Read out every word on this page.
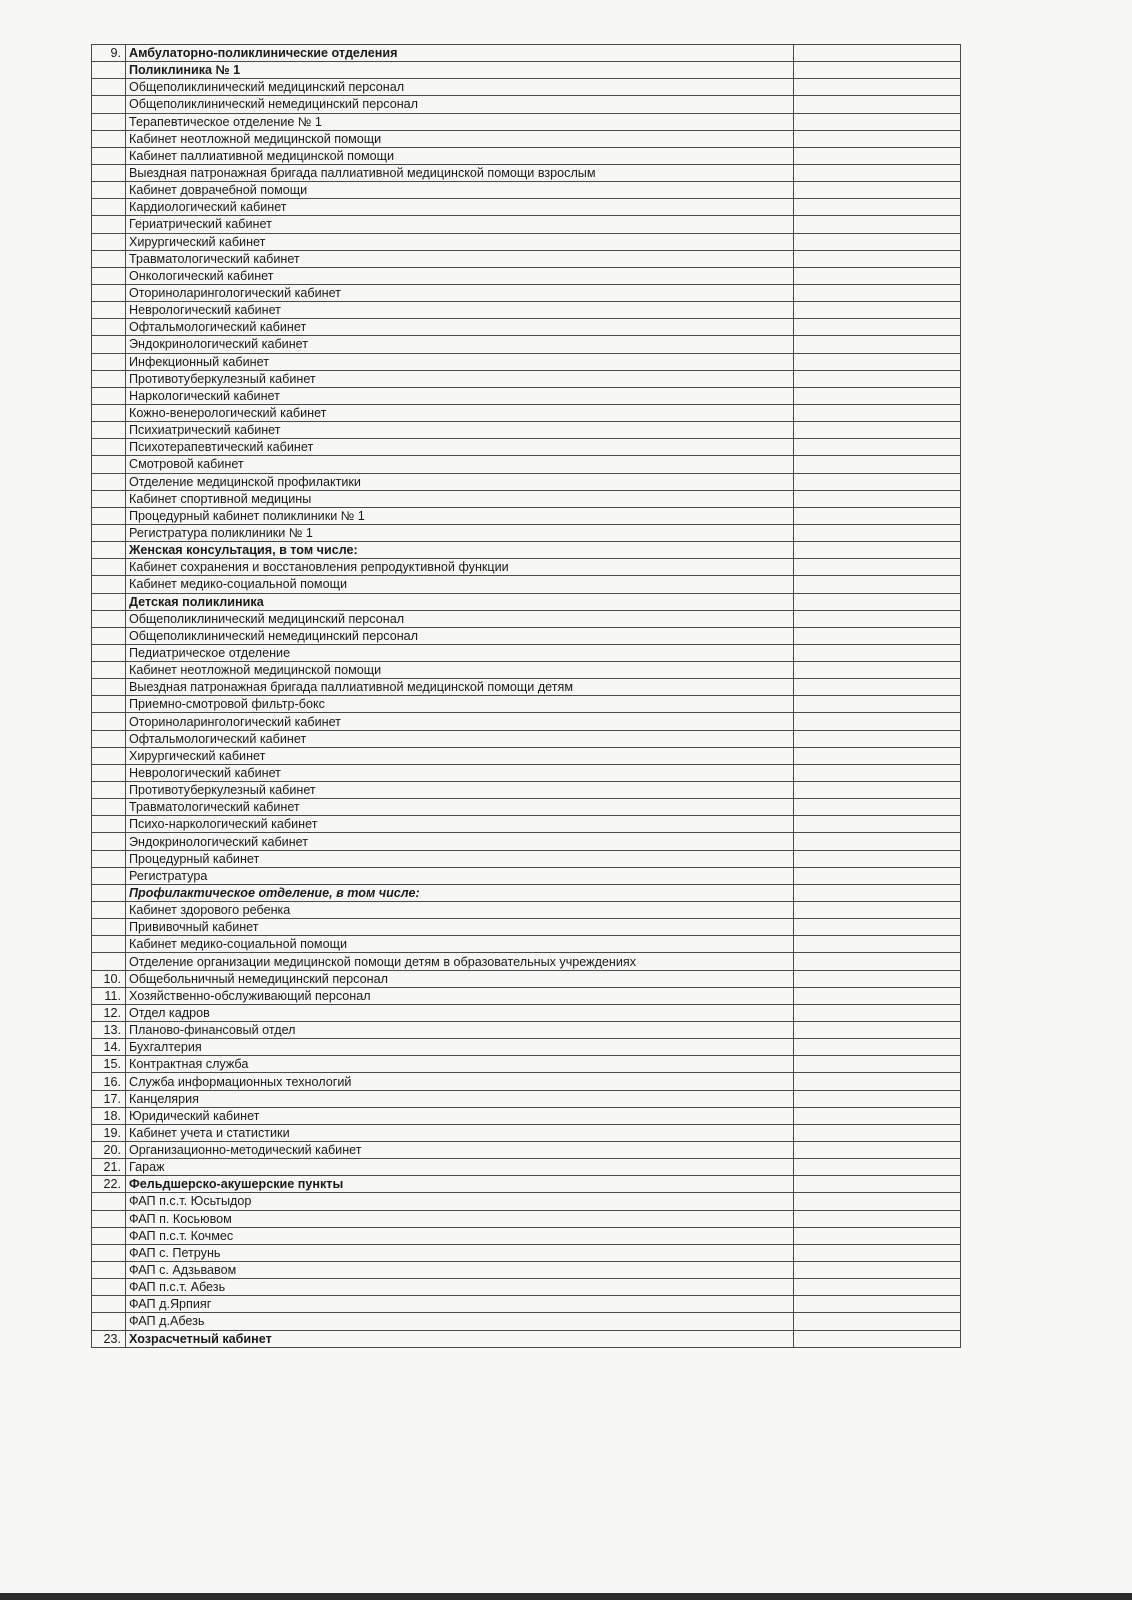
9.	Амбулаторно-поликлинические отделения	
	Поликлиника № 1	
	Общеполиклинический медицинский персонал	
	Общеполиклинический немедицинский персонал	
	Терапевтическое отделение № 1	
	Кабинет неотложной медицинской помощи	
	Кабинет паллиативной медицинской помощи	
	Выездная патронажная бригада паллиативной медицинской помощи взрослым	
	Кабинет доврачебной помощи	
	Кардиологический кабинет	
	Гериатрический кабинет	
	Хирургический кабинет	
	Травматологический кабинет	
	Онкологический кабинет	
	Оториноларингологический кабинет	
	Неврологический кабинет	
	Офтальмологический кабинет	
	Эндокринологический кабинет	
	Инфекционный кабинет	
	Противотуберкулезный кабинет	
	Наркологический кабинет	
	Кожно-венерологический кабинет	
	Психиатрический кабинет	
	Психотерапевтический кабинет	
	Смотровой кабинет	
	Отделение медицинской профилактики	
	Кабинет спортивной медицины	
	Процедурный кабинет поликлиники № 1	
	Регистратура поликлиники № 1	
	Женская консультация, в том числе:	
	Кабинет сохранения и восстановления репродуктивной функции	
	Кабинет медико-социальной помощи	
	Детская поликлиника	
	Общеполиклинический медицинский персонал	
	Общеполиклинический немедицинский персонал	
	Педиатрическое отделение	
	Кабинет неотложной медицинской помощи	
	Выездная патронажная бригада паллиативной медицинской помощи детям	
	Приемно-смотровой фильтр-бокс	
	Оториноларингологический кабинет	
	Офтальмологический кабинет	
	Хирургический кабинет	
	Неврологический кабинет	
	Противотуберкулезный кабинет	
	Травматологический кабинет	
	Психо-наркологический кабинет	
	Эндокринологический кабинет	
	Процедурный кабинет	
	Регистратура	
	Профилактическое отделение, в том числе:	
	Кабинет здорового ребенка	
	Прививочный кабинет	
	Кабинет медико-социальной помощи	
	Отделение организации медицинской помощи детям в образовательных учреждениях	
10.	Общебольничный немедицинский персонал	
11.	Хозяйственно-обслуживающий персонал	
12.	Отдел кадров	
13.	Планово-финансовый отдел	
14.	Бухгалтерия	
15.	Контрактная служба	
16.	Служба информационных технологий	
17.	Канцелярия	
18.	Юридический кабинет	
19.	Кабинет учета и статистики	
20.	Организационно-методический кабинет	
21.	Гараж	
22.	Фельдшерско-акушерские пункты	
	ФАП п.с.т. Юсьтыдор	
	ФАП п. Косьювом	
	ФАП п.с.т. Кочмес	
	ФАП с. Петрунь	
	ФАП с. Адзьвавом	
	ФАП п.с.т. Абезь	
	ФАП д.Ярпияг	
	ФАП д.Абезь	
23.	Хозрасчетный кабинет	
